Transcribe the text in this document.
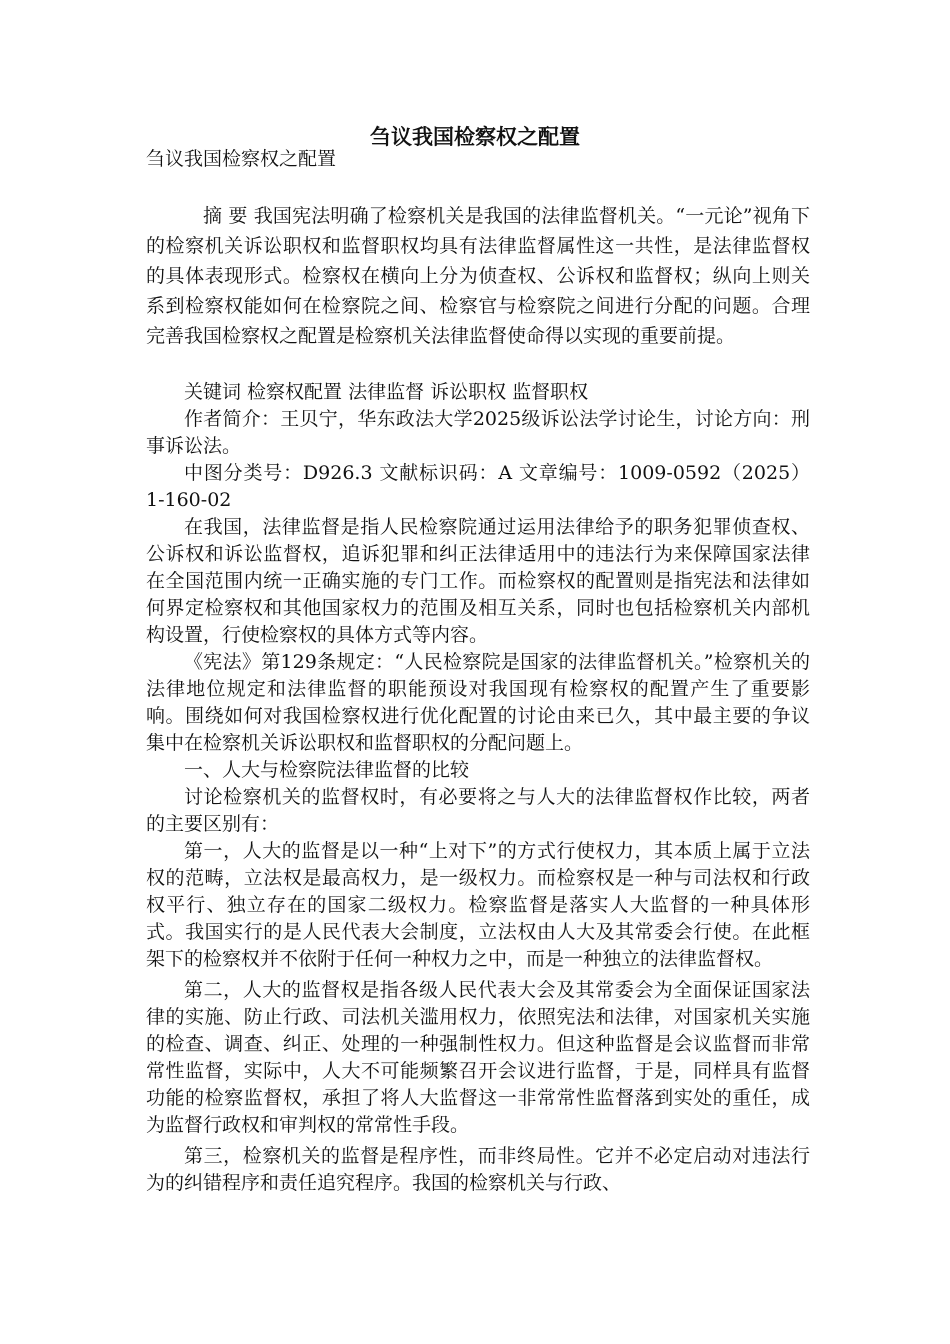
刍议我国检察权之配置

刍议我国检察权之配置

摘 要 我国宪法明确了检察机关是我国的法律监督机关。“一元论”视角下的检察机关诉讼职权和监督职权均具有法律监督属性这一共性，是法律监督权的具体表现形式。检察权在横向上分为侦查权、公诉权和监督权；纵向上则关系到检察权能如何在检察院之间、检察官与检察院之间进行分配的问题。合理完善我国检察权之配置是检察机关法律监督使命得以实现的重要前提。

关键词 检察权配置 法律监督 诉讼职权 监督职权

作者简介：王贝宁，华东政法大学2025级诉讼法学讨论生，讨论方向：刑事诉讼法。

中图分类号：D926.3 文献标识码：A 文章编号：1009-0592（2025）1-160-02

在我国，法律监督是指人民检察院通过运用法律给予的职务犯罪侦查权、公诉权和诉讼监督权，追诉犯罪和纠正法律适用中的违法行为来保障国家法律在全国范围内统一正确实施的专门工作。而检察权的配置则是指宪法和法律如何界定检察权和其他国家权力的范围及相互关系，同时也包括检察机关内部机构设置，行使检察权的具体方式等内容。

《宪法》第129条规定：“人民检察院是国家的法律监督机关。”检察机关的法律地位规定和法律监督的职能预设对我国现有检察权的配置产生了重要影响。围绕如何对我国检察权进行优化配置的讨论由来已久，其中最主要的争议集中在检察机关诉讼职权和监督职权的分配问题上。

一、人大与检察院法律监督的比较

讨论检察机关的监督权时，有必要将之与人大的法律监督权作比较，两者的主要区别有：

第一，人大的监督是以一种“上对下”的方式行使权力，其本质上属于立法权的范畴，立法权是最高权力，是一级权力。而检察权是一种与司法权和行政权平行、独立存在的国家二级权力。检察监督是落实人大监督的一种具体形式。我国实行的是人民代表大会制度，立法权由人大及其常委会行使。在此框架下的检察权并不依附于任何一种权力之中，而是一种独立的法律监督权。

第二，人大的监督权是指各级人民代表大会及其常委会为全面保证国家法律的实施、防止行政、司法机关滥用权力，依照宪法和法律，对国家机关实施的检查、调查、纠正、处理的一种强制性权力。但这种监督是会议监督而非常常性监督，实际中，人大不可能频繁召开会议进行监督，于是，同样具有监督功能的检察监督权，承担了将人大监督这一非常常性监督落到实处的重任，成为监督行政权和审判权的常常性手段。

第三，检察机关的监督是程序性，而非终局性。它并不必定启动对违法行为的纠错程序和责任追究程序。我国的检察机关与行政、
